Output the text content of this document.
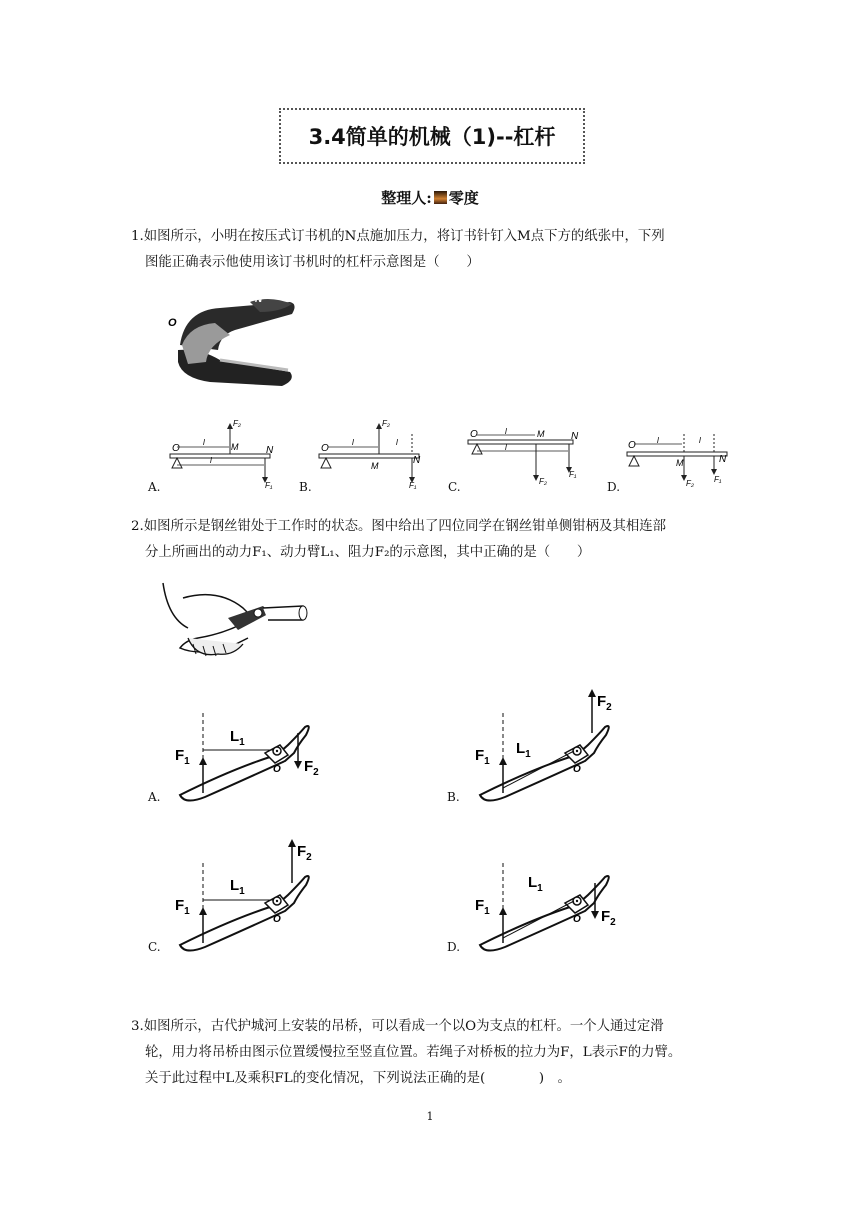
3.4简单的机械（1)--杠杆
整理人: 零度
1.如图所示，小明在按压式订书机的N点施加压力，将订书针钉入M点下方的纸张中，下列
图能正确表示他使用该订书机时的杠杆示意图是（　　）
O
N
M
O	N
M
F₂
F₁
l
l
A.
O
N
M
F₂
F₁
l	l
B.
O	N
M
F₂
F₁
l
l
C.
O
N
M
F₂	F₁
l	l
D.
2.如图所示是钢丝钳处于工作时的状态。图中给出了四位同学在钢丝钳单侧钳柄及其相连部
分上所画出的动力F₁、动力臂L₁、阻力F₂的示意图，其中正确的是（　　）
$L_1$
$F_1$	$F_2$
O
A.
$L_1$
$F_1$
$F_2$
O
B.
$L_1$
$F_1$
$F_2$
O
C.
$L_1$
$F_1$	$F_2$
O
D.
3.如图所示，古代护城河上安装的吊桥，可以看成一个以O为支点的杠杆。一个人通过定滑
轮，用力将吊桥由图示位置缓慢拉至竖直位置。若绳子对桥板的拉力为F，L表示F的力臂。
关于此过程中L及乘积FL的变化情况，下列说法正确的是(　　　　)　。
1
